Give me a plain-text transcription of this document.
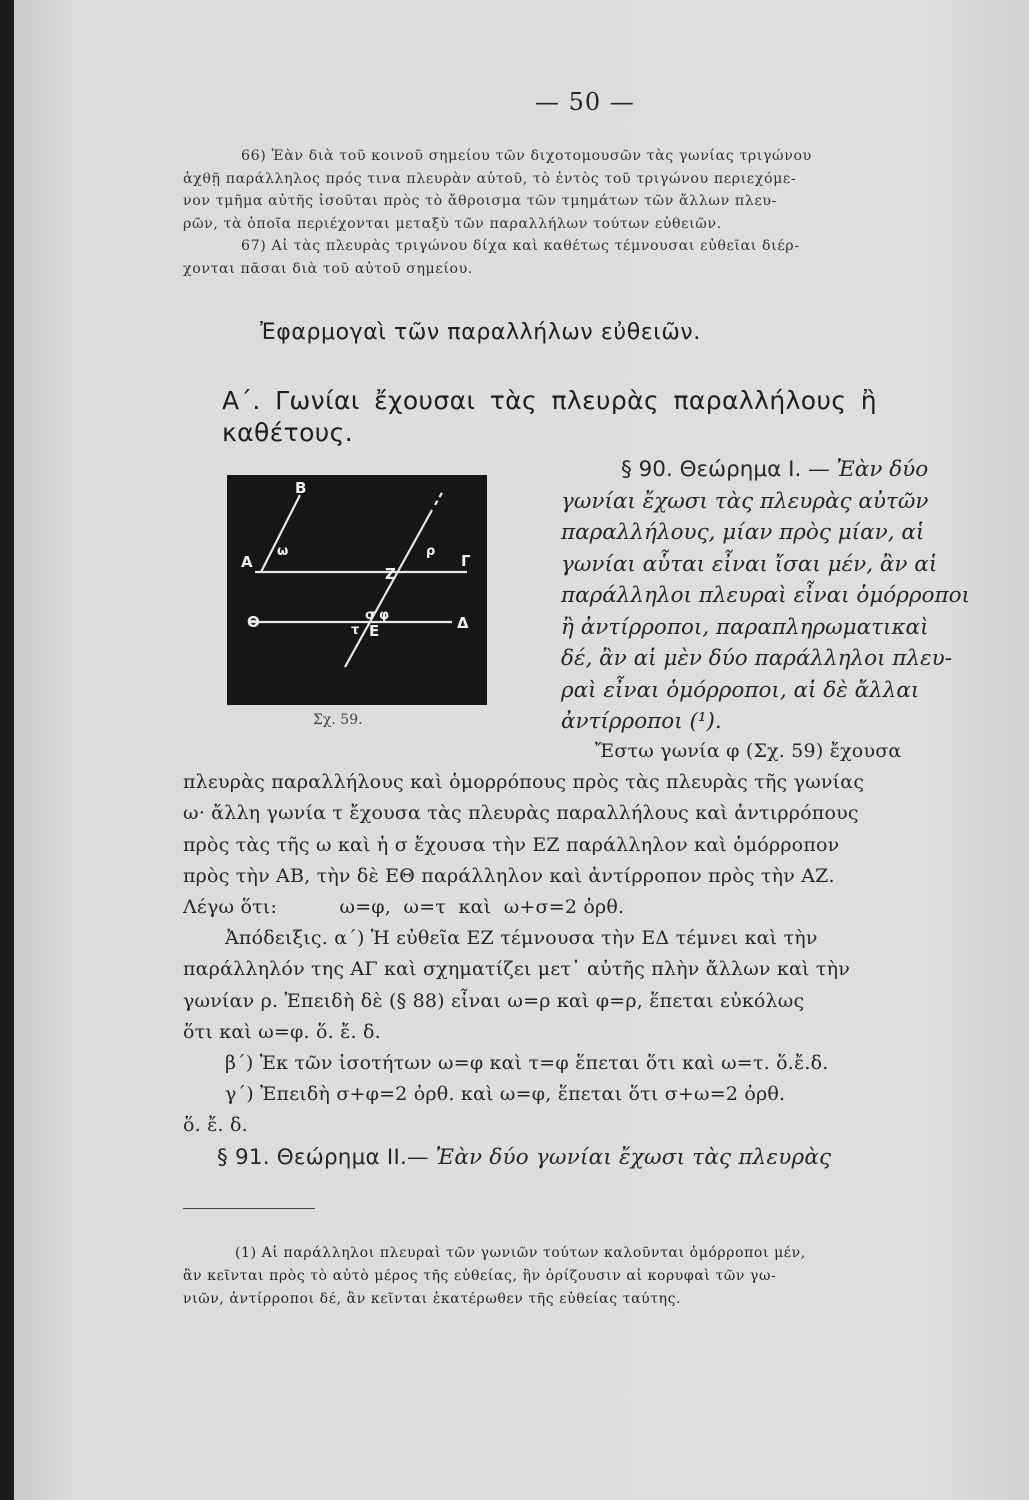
— 50 —
66) Ἐὰν διὰ τοῦ κοινοῦ σημείου τῶν διχοτομουσῶν τὰς γωνίας τριγώνου
ἀχθῇ παράλληλος πρός τινα πλευρὰν αὐτοῦ, τὸ ἐντὸς τοῦ τριγώνου περιεχόμε-
νον τμῆμα αὐτῆς ἰσοῦται πρὸς τὸ ἄθροισμα τῶν τμημάτων τῶν ἄλλων πλευ-
ρῶν, τὰ ὁποῖα περιέχονται μεταξὺ τῶν παραλλήλων τούτων εὐθειῶν.
67) Αἱ τὰς πλευρὰς τριγώνου δίχα καὶ καθέτως τέμνουσαι εὐθεῖαι διέρ-
χονται πᾶσαι διὰ τοῦ αὐτοῦ σημείου.
Ἐφαρμογαὶ τῶν παραλλήλων εὐθειῶν.
Α΄. Γωνίαι ἔχουσαι τὰς πλευρὰς παραλλήλους ἢ
καθέτους.
B
Α
ω	ρ
Γ
Z
Θ	σ φ
τ E	Δ
Σχ. 59.
§ 90. Θεώρημα Ι. — Ἐὰν δύο
γωνίαι ἔχωσι τὰς πλευρὰς αὐτῶν
παραλλήλους, μίαν πρὸς μίαν, αἱ
γωνίαι αὗται εἶναι ἴσαι μέν, ἂν αἱ
παράλληλοι πλευραὶ εἶναι ὁμόρροποι
ἢ ἀντίρροποι, παραπληρωματικαὶ
δέ, ἂν αἱ μὲν δύο παράλληλοι πλευ-
ραὶ εἶναι ὁμόρροποι, αἱ δὲ ἄλλαι
ἀντίρροποι (¹).
Ἔστω γωνία φ (Σχ. 59) ἔχουσα
πλευρὰς παραλλήλους καὶ ὁμορρόπους πρὸς τὰς πλευρὰς τῆς γωνίας
ω· ἄλλη γωνία τ ἔχουσα τὰς πλευρὰς παραλλήλους καὶ ἀντιρρόπους
πρὸς τὰς τῆς ω καὶ ἡ σ ἔχουσα τὴν ΕΖ παράλληλον καὶ ὁμόρροπον
πρὸς τὴν ΑΒ, τὴν δὲ ΕΘ παράλληλον καὶ ἀντίρροπον πρὸς τὴν ΑΖ.
Λέγω ὅτι:          ω=φ,  ω=τ  καὶ  ω+σ=2 ὀρθ.
Ἀπόδειξις. α΄) Ἡ εὐθεῖα ΕΖ τέμνουσα τὴν ΕΔ τέμνει καὶ τὴν
παράλληλόν της ΑΓ καὶ σχηματίζει μετ᾽ αὐτῆς πλὴν ἄλλων καὶ τὴν
γωνίαν ρ. Ἐπειδὴ δὲ (§ 88) εἶναι ω=ρ καὶ φ=ρ, ἕπεται εὐκόλως
ὅτι καὶ ω=φ. ὅ. ἔ. δ.
β΄) Ἐκ τῶν ἰσοτήτων ω=φ καὶ τ=φ ἕπεται ὅτι καὶ ω=τ. ὅ.ἔ.δ.
γ΄) Ἐπειδὴ σ+φ=2 ὀρθ. καὶ ω=φ, ἕπεται ὅτι σ+ω=2 ὀρθ.
ὅ. ἔ. δ.
§ 91. Θεώρημα ΙΙ.— Ἐὰν δύο γωνίαι ἔχωσι τὰς πλευρὰς
(1) Αἱ παράλληλοι πλευραὶ τῶν γωνιῶν τούτων καλοῦνται ὁμόρροποι μέν,
ἂν κεῖνται πρὸς τὸ αὐτὸ μέρος τῆς εὐθείας, ἣν ὁρίζουσιν αἱ κορυφαὶ τῶν γω-
νιῶν, ἀντίρροποι δέ, ἂν κεῖνται ἑκατέρωθεν τῆς εὐθείας ταύτης.
